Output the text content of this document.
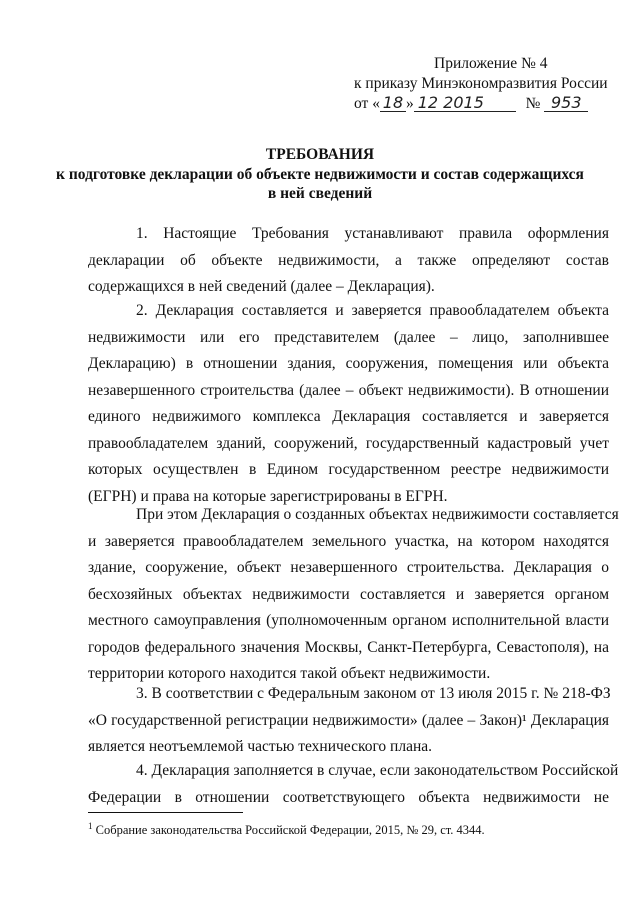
Приложение № 4
к приказу Минэкономразвития России
от « 18 » 12 2015	№ 953
ТРЕБОВАНИЯ
к подготовке декларации об объекте недвижимости и состав содержащихся
в ней сведений
1. Настоящие Требования устанавливают правила оформления
декларации об объекте недвижимости, а также определяют состав
содержащихся в ней сведений (далее – Декларация).
2. Декларация составляется и заверяется правообладателем объекта
недвижимости или его представителем (далее – лицо, заполнившее
Декларацию) в отношении здания, сооружения, помещения или объекта
незавершенного строительства (далее – объект недвижимости). В отношении
единого недвижимого комплекса Декларация составляется и заверяется
правообладателем зданий, сооружений, государственный кадастровый учет
которых осуществлен в Едином государственном реестре недвижимости
(ЕГРН) и права на которые зарегистрированы в ЕГРН.
При этом Декларация о созданных объектах недвижимости составляется
и заверяется правообладателем земельного участка, на котором находятся
здание, сооружение, объект незавершенного строительства. Декларация о
бесхозяйных объектах недвижимости составляется и заверяется органом
местного самоуправления (уполномоченным органом исполнительной власти
городов федерального значения Москвы, Санкт-Петербурга, Севастополя), на
территории которого находится такой объект недвижимости.
3. В соответствии с Федеральным законом от 13 июля 2015 г. № 218-ФЗ
«О государственной регистрации недвижимости» (далее – Закон)¹ Декларация
является неотъемлемой частью технического плана.
4. Декларация заполняется в случае, если законодательством Российской
Федерации в отношении соответствующего объекта недвижимости не
$^1$ Собрание законодательства Российской Федерации, 2015, № 29, ст. 4344.
